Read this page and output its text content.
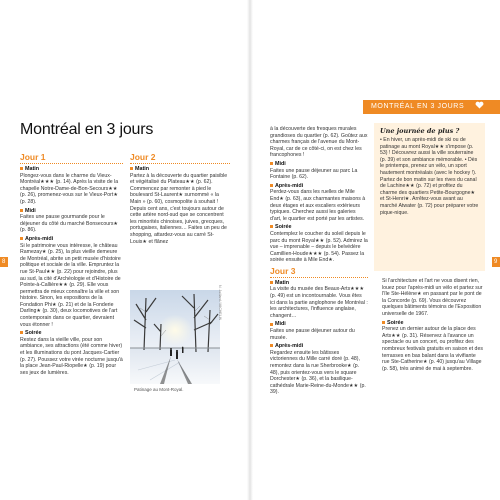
MONTRÉAL EN 3 JOURS
8	9
Montréal en 3 jours
Jour 1
Matin

Plongez-vous dans le charme du Vieux-Montréal★★★ (p. 14). Après la visite de la chapelle Notre-Dame-de-Bon-Secours★★ (p. 26), promenez-vous sur le Vieux-Port★ (p. 28).

Midi

Faites une pause gourmande pour le déjeuner du côté du marché Bonsecours★ (p. 86).

Après-midi

Si le patrimoine vous intéresse, le château Ramezay★ (p. 25), la plus vieille demeure de Montréal, abrite un petit musée d'histoire politique et sociale de la ville. Empruntez la rue St-Paul★★ (p. 22) pour rejoindre, plus au sud, la cité d'Archéologie et d'Histoire de Pointe-à-Callière★★ (p. 29). Elle vous permettra de mieux connaître la ville et son histoire. Sinon, les expositions de la Fondation Phi★ (p. 21) et de la Fonderie Darling★ (p. 30), deux locomotives de l'art contemporain dans ce quartier, devraient vous étonner !

Soirée

Restez dans la vieille ville, pour son ambiance, ses attractions (été comme hiver) et les illuminations du pont Jacques-Cartier (p. 27). Poussez votre virée nocturne jusqu'à la place Jean-Paul-Riopelle★ (p. 19) pour ses jeux de lumières.

Jour 2
Matin

Partez à la découverte du quartier paisible et végétalisé du Plateau★★ (p. 62). Commencez par remonter à pied le boulevard St-Laurent★ surnommé « la Main » (p. 60), cosmopolite à souhait ! Depuis cent ans, c'est toujours autour de cette artère nord-sud que se concentrent les minorités chinoises, juives, grecques, portugaises, italiennes… Faites un peu de shopping, attardez-vous au carré St-Louis★ et flânez

N. Juillard / MICHELIN
Patinage au Mont-Royal.

à la découverte des fresques murales grandioses du quartier (p. 62). Goûtez aux charmes français de l'avenue du Mont-Royal, car de ce côté-ci, on est chez les francophones !

Midi

Faites une pause déjeuner au parc La Fontaine (p. 62).

Après-midi

Perdez-vous dans les ruelles de Mile End★ (p. 63), aux charmantes maisons à deux étages et aux escaliers extérieurs typiques. Cherchez aussi les galeries d'art, le quartier est porté par les artistes.

Soirée

Contemplez le coucher du soleil depuis le parc du mont Royal★★ (p. 52). Admirez la vue – imprenable – depuis le belvédère Camillien-Houde★★★ (p. 54). Passez la soirée ensuite à Mile End★.

Jour 3
Matin

La visite du musée des Beaux-Arts★★★ (p. 49) est un incontournable. Vous êtes ici dans la partie anglophone de Montréal : les architectures, l'influence anglaise, changent…

Midi

Faites une pause déjeuner autour du musée.

Après-midi

Regardez ensuite les bâtisses victoriennes du Mille carré doré (p. 48), remontez dans la rue Sherbrooke★ (p. 48), puis orientez-vous vers le square Dorchester★ (p. 36), et la basilique-cathédrale Marie-Reine-du-Monde★★ (p. 39).

Une journée de plus ?
• En hiver, un après-midi de ski ou de patinage au mont Royal★★ s'impose (p. 53) ! Découvrez aussi la ville souterraine (p. 39) et son ambiance mémorable. • Dès le printemps, prenez un vélo, un sport hautement montréalais (avec le hockey !). Partez de bon matin sur les rives du canal de Lachine★★ (p. 72) et profitez du charme des quartiers Petite-Bourgogne★ et St-Henri★. Arrêtez-vous avant au marché Atwater (p. 72) pour préparer votre pique-nique.

Si l'architecture et l'art ne vous disent rien, louez pour l'après-midi un vélo et partez sur l'île Ste-Hélène★ en passant par le pont de la Concorde (p. 69). Vous découvrez quelques bâtiments témoins de l'Exposition universelle de 1967.

Soirée

Prenez un dernier autour de la place des Arts★★ (p. 31). Réservez à l'avance un spectacle ou un concert, ou profitez des nombreux festivals gratuits en saison et des terrasses en bas balant dans la vivifiante rue Ste-Catherine★ (p. 40) jusqu'au Village (p. 58), très animé de mai à septembre.
